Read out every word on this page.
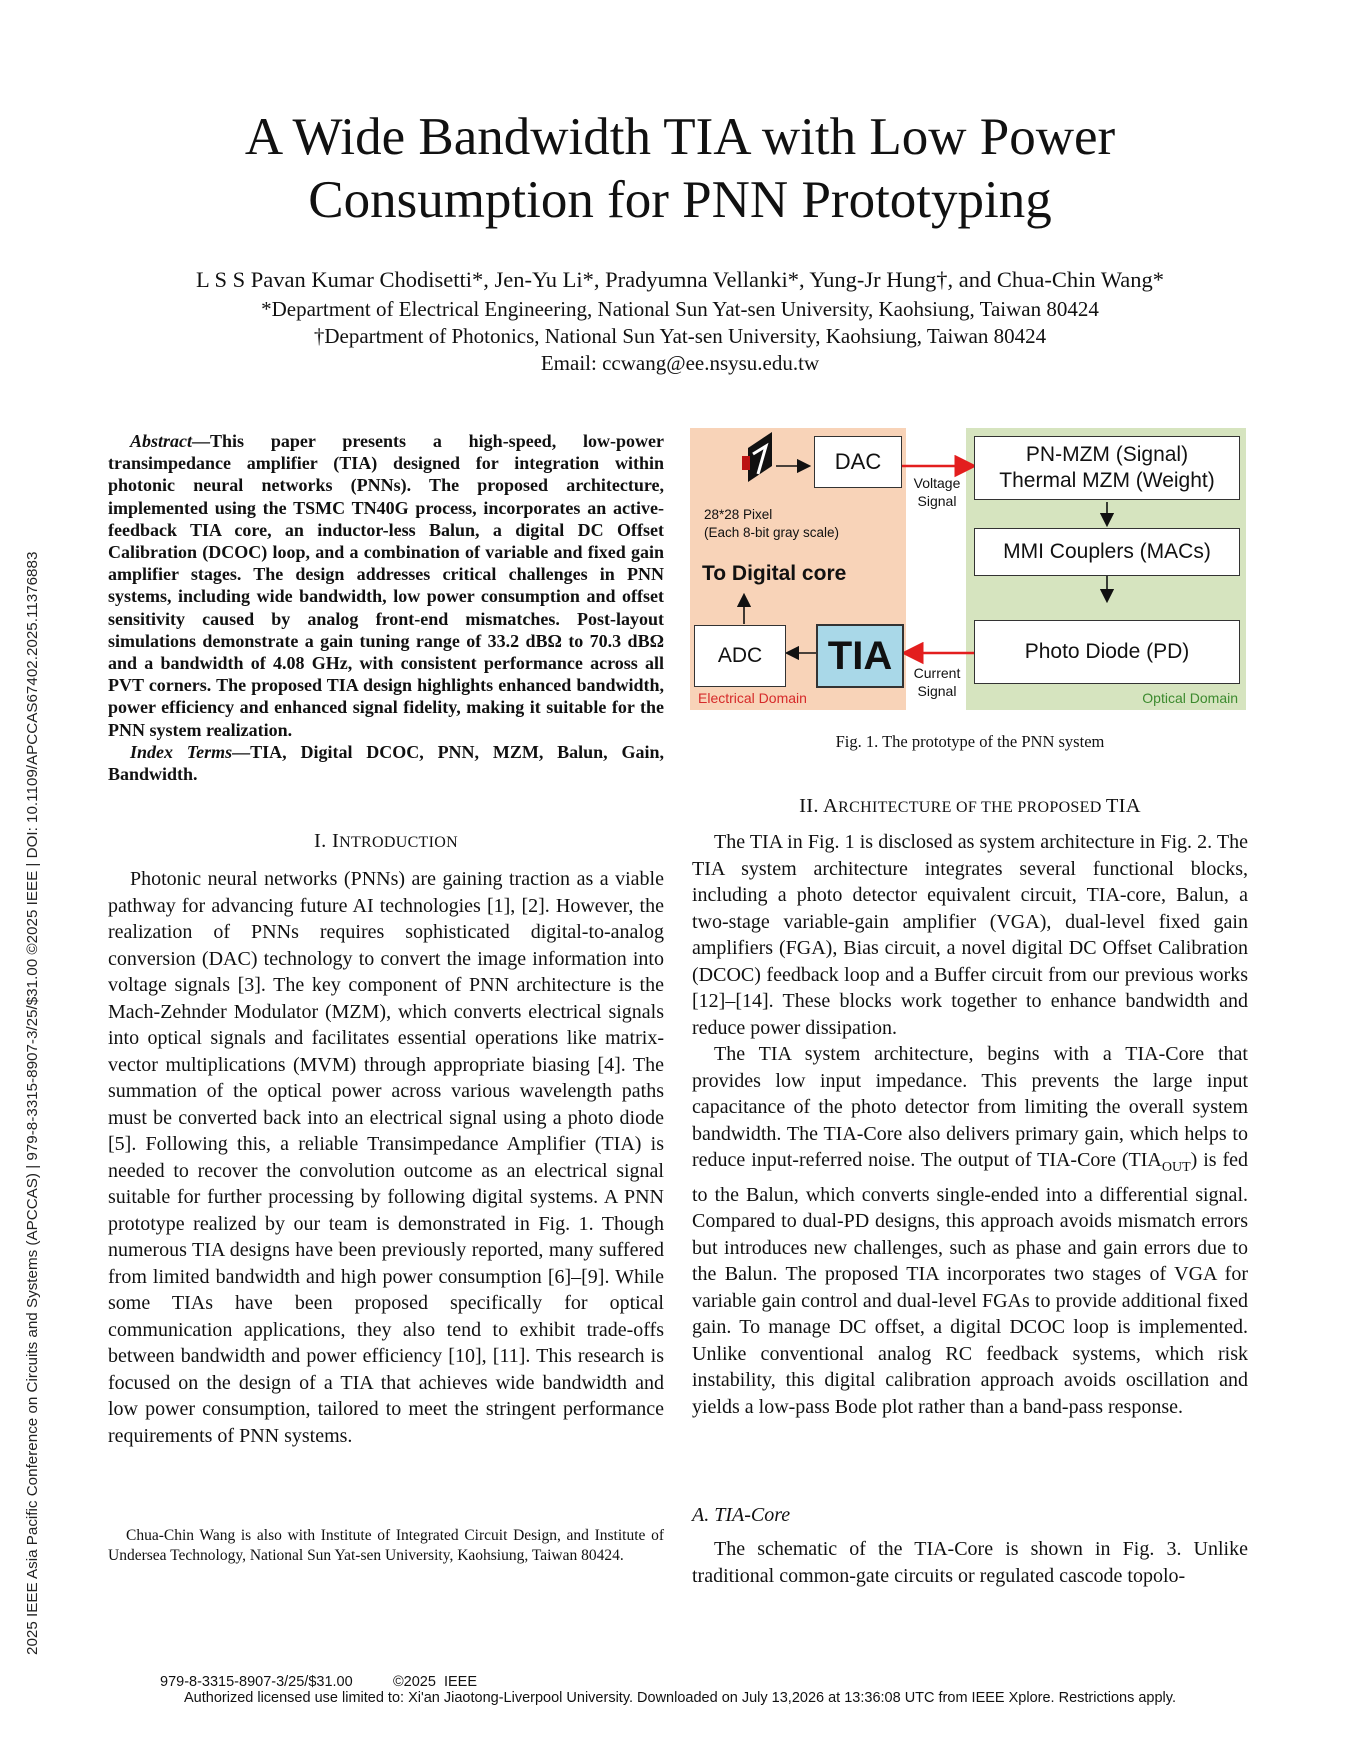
A Wide Bandwidth TIA with Low Power
Consumption for PNN Prototyping
L S S Pavan Kumar Chodisetti*, Jen-Yu Li*, Pradyumna Vellanki*, Yung-Jr Hung†, and Chua-Chin Wang*
*Department of Electrical Engineering, National Sun Yat-sen University, Kaohsiung, Taiwan 80424
†Department of Photonics, National Sun Yat-sen University, Kaohsiung, Taiwan 80424
Email: ccwang@ee.nsysu.edu.tw
2025 IEEE Asia Pacific Conference on Circuits and Systems (APCCAS) | 979-8-3315-8907-3/25/$31.00 ©2025 IEEE | DOI: 10.1109/APCCAS67402.2025.11376883

Abstract—This paper presents a high-speed, low-power transimpedance amplifier (TIA) designed for integration within photonic neural networks (PNNs). The proposed architecture, implemented using the TSMC TN40G process, incorporates an active-feedback TIA core, an inductor-less Balun, a digital DC Offset Calibration (DCOC) loop, and a combination of variable and fixed gain amplifier stages. The design addresses critical challenges in PNN systems, including wide bandwidth, low power consumption and offset sensitivity caused by analog front-end mismatches. Post-layout simulations demonstrate a gain tuning range of 33.2 dBΩ to 70.3 dBΩ and a bandwidth of 4.08 GHz, with consistent performance across all PVT corners. The proposed TIA design highlights enhanced bandwidth, power efficiency and enhanced signal fidelity, making it suitable for the PNN system realization.

Index Terms—TIA, Digital DCOC, PNN, MZM, Balun, Gain, Bandwidth.

I. INTRODUCTION

Photonic neural networks (PNNs) are gaining traction as a viable pathway for advancing future AI technologies [1], [2]. However, the realization of PNNs requires sophisticated digital-to-analog conversion (DAC) technology to convert the image information into voltage signals [3]. The key component of PNN architecture is the Mach-Zehnder Modulator (MZM), which converts electrical signals into optical signals and facilitates essential operations like matrix-vector multiplications (MVM) through appropriate biasing [4]. The summation of the optical power across various wavelength paths must be converted back into an electrical signal using a photo diode [5]. Following this, a reliable Transimpedance Amplifier (TIA) is needed to recover the convolution outcome as an electrical signal suitable for further processing by following digital systems. A PNN prototype realized by our team is demonstrated in Fig. 1. Though numerous TIA designs have been previously reported, many suffered from limited bandwidth and high power consumption [6]–[9]. While some TIAs have been proposed specifically for optical communication applications, they also tend to exhibit trade-offs between bandwidth and power efficiency [10], [11]. This research is focused on the design of a TIA that achieves wide bandwidth and low power consumption, tailored to meet the stringent performance requirements of PNN systems.

Chua-Chin Wang is also with Institute of Integrated Circuit Design, and Institute of Undersea Technology, National Sun Yat-sen University, Kaohsiung, Taiwan 80424.
DAC
28*28 Pixel
(Each 8-bit gray scale)
To Digital core
ADC	TIA
Electrical Domain
Voltage
Signal
Current
Signal
PN-MZM (Signal)
Thermal MZM (Weight)
MMI Couplers (MACs)
Photo Diode (PD)
Optical Domain
Fig. 1. The prototype of the PNN system
II. ARCHITECTURE OF THE PROPOSED TIA

The TIA in Fig. 1 is disclosed as system architecture in Fig. 2. The TIA system architecture integrates several functional blocks, including a photo detector equivalent circuit, TIA-core, Balun, a two-stage variable-gain amplifier (VGA), dual-level fixed gain amplifiers (FGA), Bias circuit, a novel digital DC Offset Calibration (DCOC) feedback loop and a Buffer circuit from our previous works [12]–[14]. These blocks work together to enhance bandwidth and reduce power dissipation.

The TIA system architecture, begins with a TIA-Core that provides low input impedance. This prevents the large input capacitance of the photo detector from limiting the overall system bandwidth. The TIA-Core also delivers primary gain, which helps to reduce input-referred noise. The output of TIA-Core $(TIA_{OUT})$ is fed to the Balun, which converts single-ended into a differential signal. Compared to dual-PD designs, this approach avoids mismatch errors but introduces new challenges, such as phase and gain errors due to the Balun. The proposed TIA incorporates two stages of VGA for variable gain control and dual-level FGAs to provide additional fixed gain. To manage DC offset, a digital DCOC loop is implemented. Unlike conventional analog RC feedback systems, which risk instability, this digital calibration approach avoids oscillation and yields a low-pass Bode plot rather than a band-pass response.

A. TIA-Core

The schematic of the TIA-Core is shown in Fig. 3. Unlike traditional common-gate circuits or regulated cascode topolo-

979-8-3315-8907-3/25/$31.00          ©2025  IEEE
Authorized licensed use limited to: Xi'an Jiaotong-Liverpool University. Downloaded on July 13,2026 at 13:36:08 UTC from IEEE Xplore. Restrictions apply.
